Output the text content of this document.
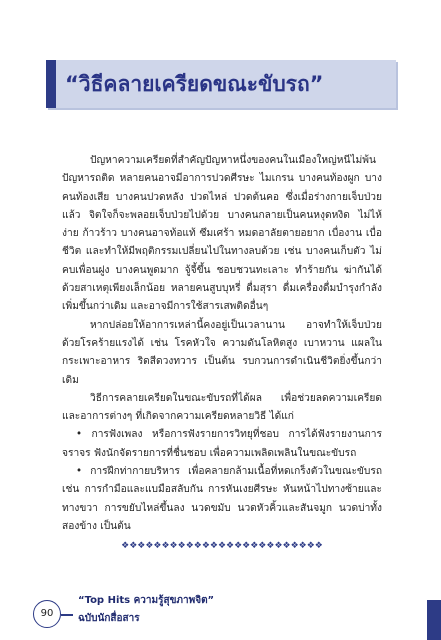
“วิธีคลายเครียดขณะขับรถ”

ปัญหาความเครียดที่สำคัญปัญหาหนึ่งของคนในเมืองใหญ่หนีไม่พ้นปัญหารถติด หลายคนอาจมีอาการปวดศีรษะ ไมเกรน บางคนท้องผูก บางคนท้องเสีย บางคนปวดหลัง ปวดไหล่ ปวดต้นคอ ซึ่งเมื่อร่างกายเจ็บป่วยแล้ว จิตใจก็จะพลอยเจ็บป่วยไปด้วย บางคนกลายเป็นคนหงุดหงิด ไม่ไห้ง่าย ก้าวร้าว บางคนอาจท้อแท้ ซึมเศร้า หมดอาลัยตายอยาก เบื่องาน เบื่อชีวิต และทำให้มีพฤติกรรมเปลี่ยนไปในทางลบด้วย เช่น บางคนเก็บตัว ไม่คบเพื่อนฝูง บางคนพูดมาก จู้จี้ขึ้น ชอบชวนทะเลาะ ทำร้ายกัน ฆ่ากันได้ด้วยสาเหตุเพียงเล็กน้อย หลายคนสูบบุหรี่ ดื่มสุรา ดื่มเครื่องดื่มบำรุงกำลังเพิ่มขึ้นกว่าเดิม และอาจมีการใช้สารเสพติดอื่นๆ

หากปล่อยให้อาการเหล่านี้คงอยู่เป็นเวลานาน อาจทำให้เจ็บป่วยด้วยโรคร้ายแรงได้ เช่น โรคหัวใจ ความดันโลหิตสูง เบาหวาน แผลในกระเพาะอาหาร ริดสีดวงทวาร เป็นต้น รบกวนการดำเนินชีวิตยิ่งขึ้นกว่าเดิม

วิธีการคลายเครียดในขณะขับรถที่ได้ผล เพื่อช่วยลดความเครียดและอาการต่างๆ ที่เกิดจากความเครียดหลายวิธี ได้แก่

• การฟังเพลง หรือการฟังรายการวิทยุที่ชอบ การได้ฟังรายงานการจราจร ฟังนักจัดรายการที่ชื่นชอบ เพื่อความเพลิดเพลินในขณะขับรถ

• การฝึกท่ากายบริหาร เพื่อคลายกล้ามเนื้อที่หดเกร็งตัวในขณะขับรถ เช่น การกำมือและแบมือสลับกัน การหันเงยศีรษะ หันหน้าไปทางซ้ายและทางขวา การขยับไหล่ขึ้นลง นวดขมับ นวดหัวคิ้วและสันจมูก นวดบ่าทั้งสองข้าง เป็นต้น

❖❖❖❖❖❖❖❖❖❖❖❖❖❖❖❖❖❖❖❖❖❖❖❖❖
90
“Top Hits ความรู้สุขภาพจิต”
ฉบับนักสื่อสาร
